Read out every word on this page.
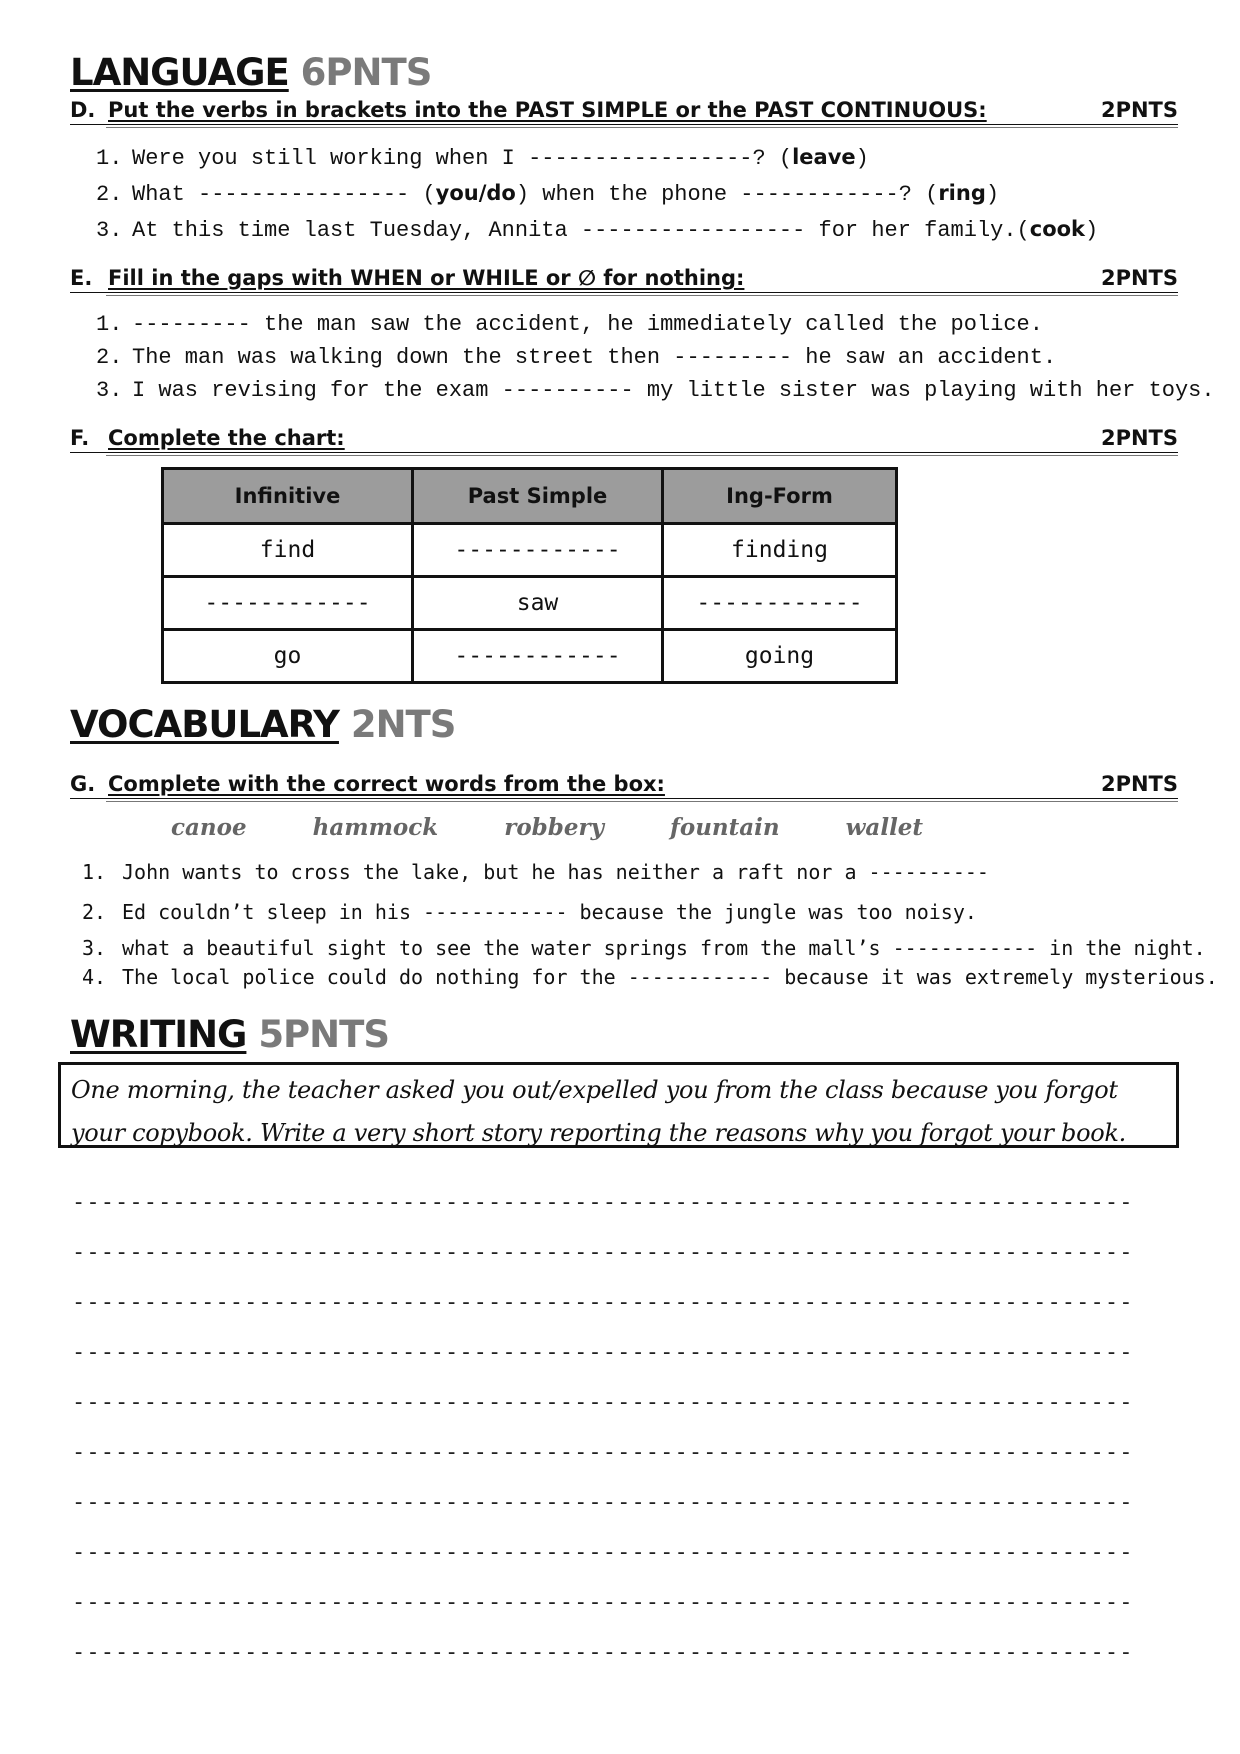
LANGUAGE 6PNTS
D. Put the verbs in brackets into the PAST SIMPLE or the PAST CONTINUOUS:	2PNTS
1. Were you still working when I -----------------? (leave)
2. What ---------------- (you/do) when the phone ------------? (ring)
3. At this time last Tuesday, Annita ----------------- for her family.(cook)
E. Fill in the gaps with WHEN or WHILE or ∅ for nothing:	2PNTS
1. --------- the man saw the accident, he immediately called the police.
2. The man was walking down the street then --------- he saw an accident.
3. I was revising for the exam ---------- my little sister was playing with her toys.
F. Complete the chart:	2PNTS
Infinitive	Past Simple	Ing-Form
find	------------	finding
------------	saw	------------
go	------------	going
VOCABULARY 2NTS
G. Complete with the correct words from the box:	2PNTS
canoe	hammock	robbery	fountain	wallet
1. John wants to cross the lake, but he has neither a raft nor a ----------
2. Ed couldn’t sleep in his ------------ because the jungle was too noisy.
3. what a beautiful sight to see the water springs from the mall’s ------------ in the night.
4. The local police could do nothing for the ------------ because it was extremely mysterious.
WRITING 5PNTS
One morning, the teacher asked you out/expelled you from the class because you forgot
your copybook. Write a very short story reporting the reasons why you forgot your book.
--------------------------------------------------------------------------
--------------------------------------------------------------------------
--------------------------------------------------------------------------
--------------------------------------------------------------------------
--------------------------------------------------------------------------
--------------------------------------------------------------------------
--------------------------------------------------------------------------
--------------------------------------------------------------------------
--------------------------------------------------------------------------
--------------------------------------------------------------------------
